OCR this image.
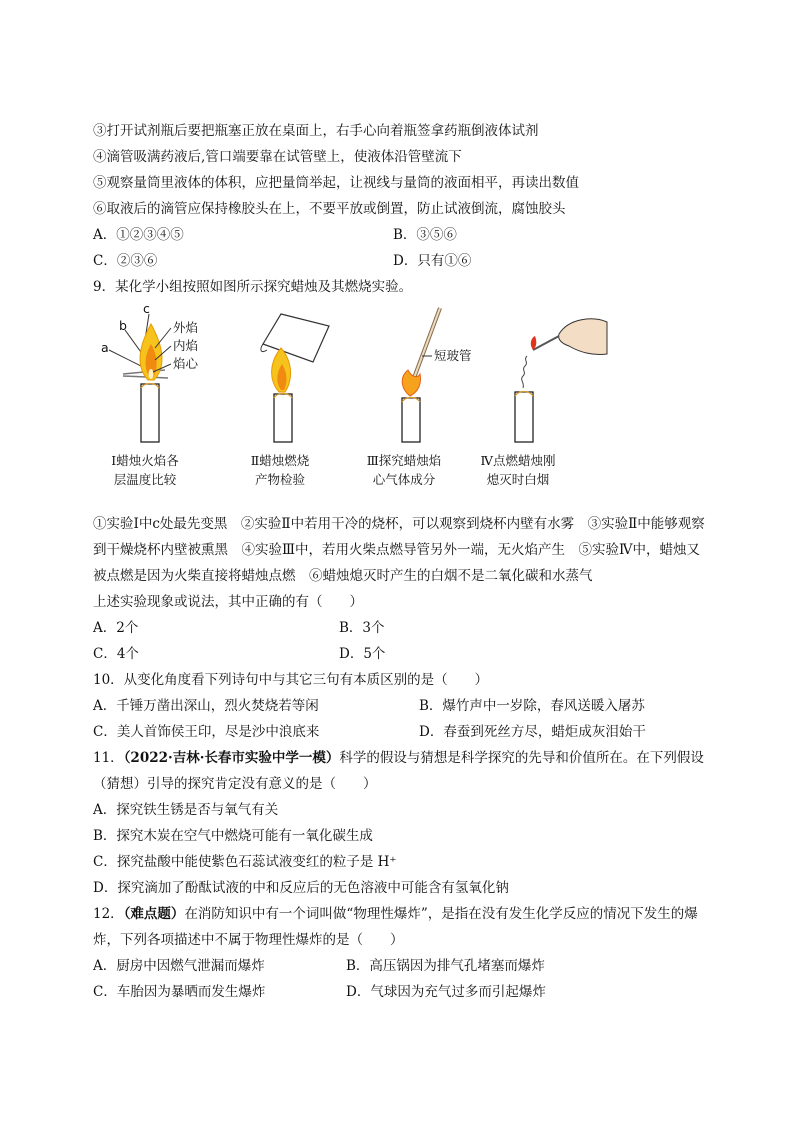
③打开试剂瓶后要把瓶塞正放在桌面上，右手心向着瓶签拿药瓶倒液体试剂
④滴管吸满药液后,管口端要靠在试管壁上，使液体沿管壁流下
⑤观察量筒里液体的体积，应把量筒举起，让视线与量筒的液面相平，再读出数值
⑥取液后的滴管应保持橡胶头在上，不要平放或倒置，防止试液倒流，腐蚀胶头
A．①②③④⑤	B．③⑤⑥
C．②③⑥	D．只有①⑥
9．某化学小组按照如图所示探究蜡烛及其燃烧实验。
c
b
a
外焰
内焰
焰心
短玻管
Ⅰ蜡烛火焰各
层温度比较
Ⅱ蜡烛燃烧
产物检验
Ⅲ探究蜡烛焰
心气体成分
Ⅳ点燃蜡烛刚
熄灭时白烟
①实验Ⅰ中c处最先变黑　②实验Ⅱ中若用干冷的烧杯，可以观察到烧杯内壁有水雾　③实验Ⅱ中能够观察到干燥烧杯内壁被熏黑　④实验Ⅲ中，若用火柴点燃导管另外一端，无火焰产生　⑤实验Ⅳ中，蜡烛又被点燃是因为火柴直接将蜡烛点燃　⑥蜡烛熄灭时产生的白烟不是二氧化碳和水蒸气
上述实验现象或说法，其中正确的有（　　）
A．2个	B．3个
C．4个	D．5个
10．从变化角度看下列诗句中与其它三句有本质区别的是（　　）
A．千锤万凿出深山，烈火焚烧若等闲	B．爆竹声中一岁除，春风送暖入屠苏
C．美人首饰侯王印，尽是沙中浪底来	D．春蚕到死丝方尽，蜡炬成灰泪始干
11．（2022·吉林·长春市实验中学一模）科学的假设与猜想是科学探究的先导和价值所在。在下列假设（猜想）引导的探究肯定没有意义的是（　　）
A．探究铁生锈是否与氧气有关
B．探究木炭在空气中燃烧可能有一氧化碳生成
C．探究盐酸中能使紫色石蕊试液变红的粒子是 H⁺
D．探究滴加了酚酞试液的中和反应后的无色溶液中可能含有氢氧化钠
12．（难点题）在消防知识中有一个词叫做“物理性爆炸”，是指在没有发生化学反应的情况下发生的爆炸，下列各项描述中不属于物理性爆炸的是（　　）
A．厨房中因燃气泄漏而爆炸	B．高压锅因为排气孔堵塞而爆炸
C．车胎因为暴晒而发生爆炸	D．气球因为充气过多而引起爆炸
